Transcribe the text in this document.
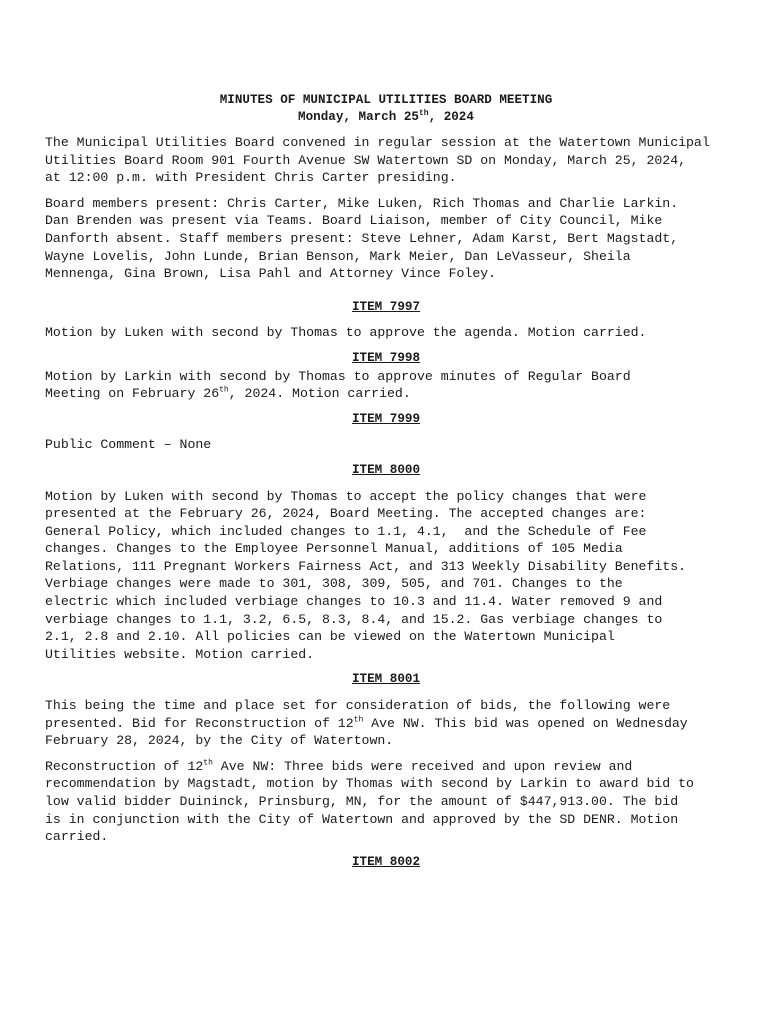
MINUTES OF MUNICIPAL UTILITIES BOARD MEETING
Monday, March 25th, 2024

The Municipal Utilities Board convened in regular session at the Watertown Municipal
Utilities Board Room 901 Fourth Avenue SW Watertown SD on Monday, March 25, 2024,
at 12:00 p.m. with President Chris Carter presiding.

Board members present: Chris Carter, Mike Luken, Rich Thomas and Charlie Larkin.
Dan Brenden was present via Teams. Board Liaison, member of City Council, Mike
Danforth absent. Staff members present: Steve Lehner, Adam Karst, Bert Magstadt,
Wayne Lovelis, John Lunde, Brian Benson, Mark Meier, Dan LeVasseur, Sheila
Mennenga, Gina Brown, Lisa Pahl and Attorney Vince Foley.

ITEM 7997

Motion by Luken with second by Thomas to approve the agenda. Motion carried.

ITEM 7998

Motion by Larkin with second by Thomas to approve minutes of Regular Board
Meeting on February 26th, 2024. Motion carried.

ITEM 7999

Public Comment – None

ITEM 8000

Motion by Luken with second by Thomas to accept the policy changes that were
presented at the February 26, 2024, Board Meeting. The accepted changes are:
General Policy, which included changes to 1.1, 4.1,  and the Schedule of Fee
changes. Changes to the Employee Personnel Manual, additions of 105 Media
Relations, 111 Pregnant Workers Fairness Act, and 313 Weekly Disability Benefits.
Verbiage changes were made to 301, 308, 309, 505, and 701. Changes to the
electric which included verbiage changes to 10.3 and 11.4. Water removed 9 and
verbiage changes to 1.1, 3.2, 6.5, 8.3, 8.4, and 15.2. Gas verbiage changes to
2.1, 2.8 and 2.10. All policies can be viewed on the Watertown Municipal
Utilities website. Motion carried.

ITEM 8001

This being the time and place set for consideration of bids, the following were
presented. Bid for Reconstruction of 12th Ave NW. This bid was opened on Wednesday
February 28, 2024, by the City of Watertown.

Reconstruction of 12th Ave NW: Three bids were received and upon review and
recommendation by Magstadt, motion by Thomas with second by Larkin to award bid to
low valid bidder Duininck, Prinsburg, MN, for the amount of $447,913.00. The bid
is in conjunction with the City of Watertown and approved by the SD DENR. Motion
carried.

ITEM 8002
